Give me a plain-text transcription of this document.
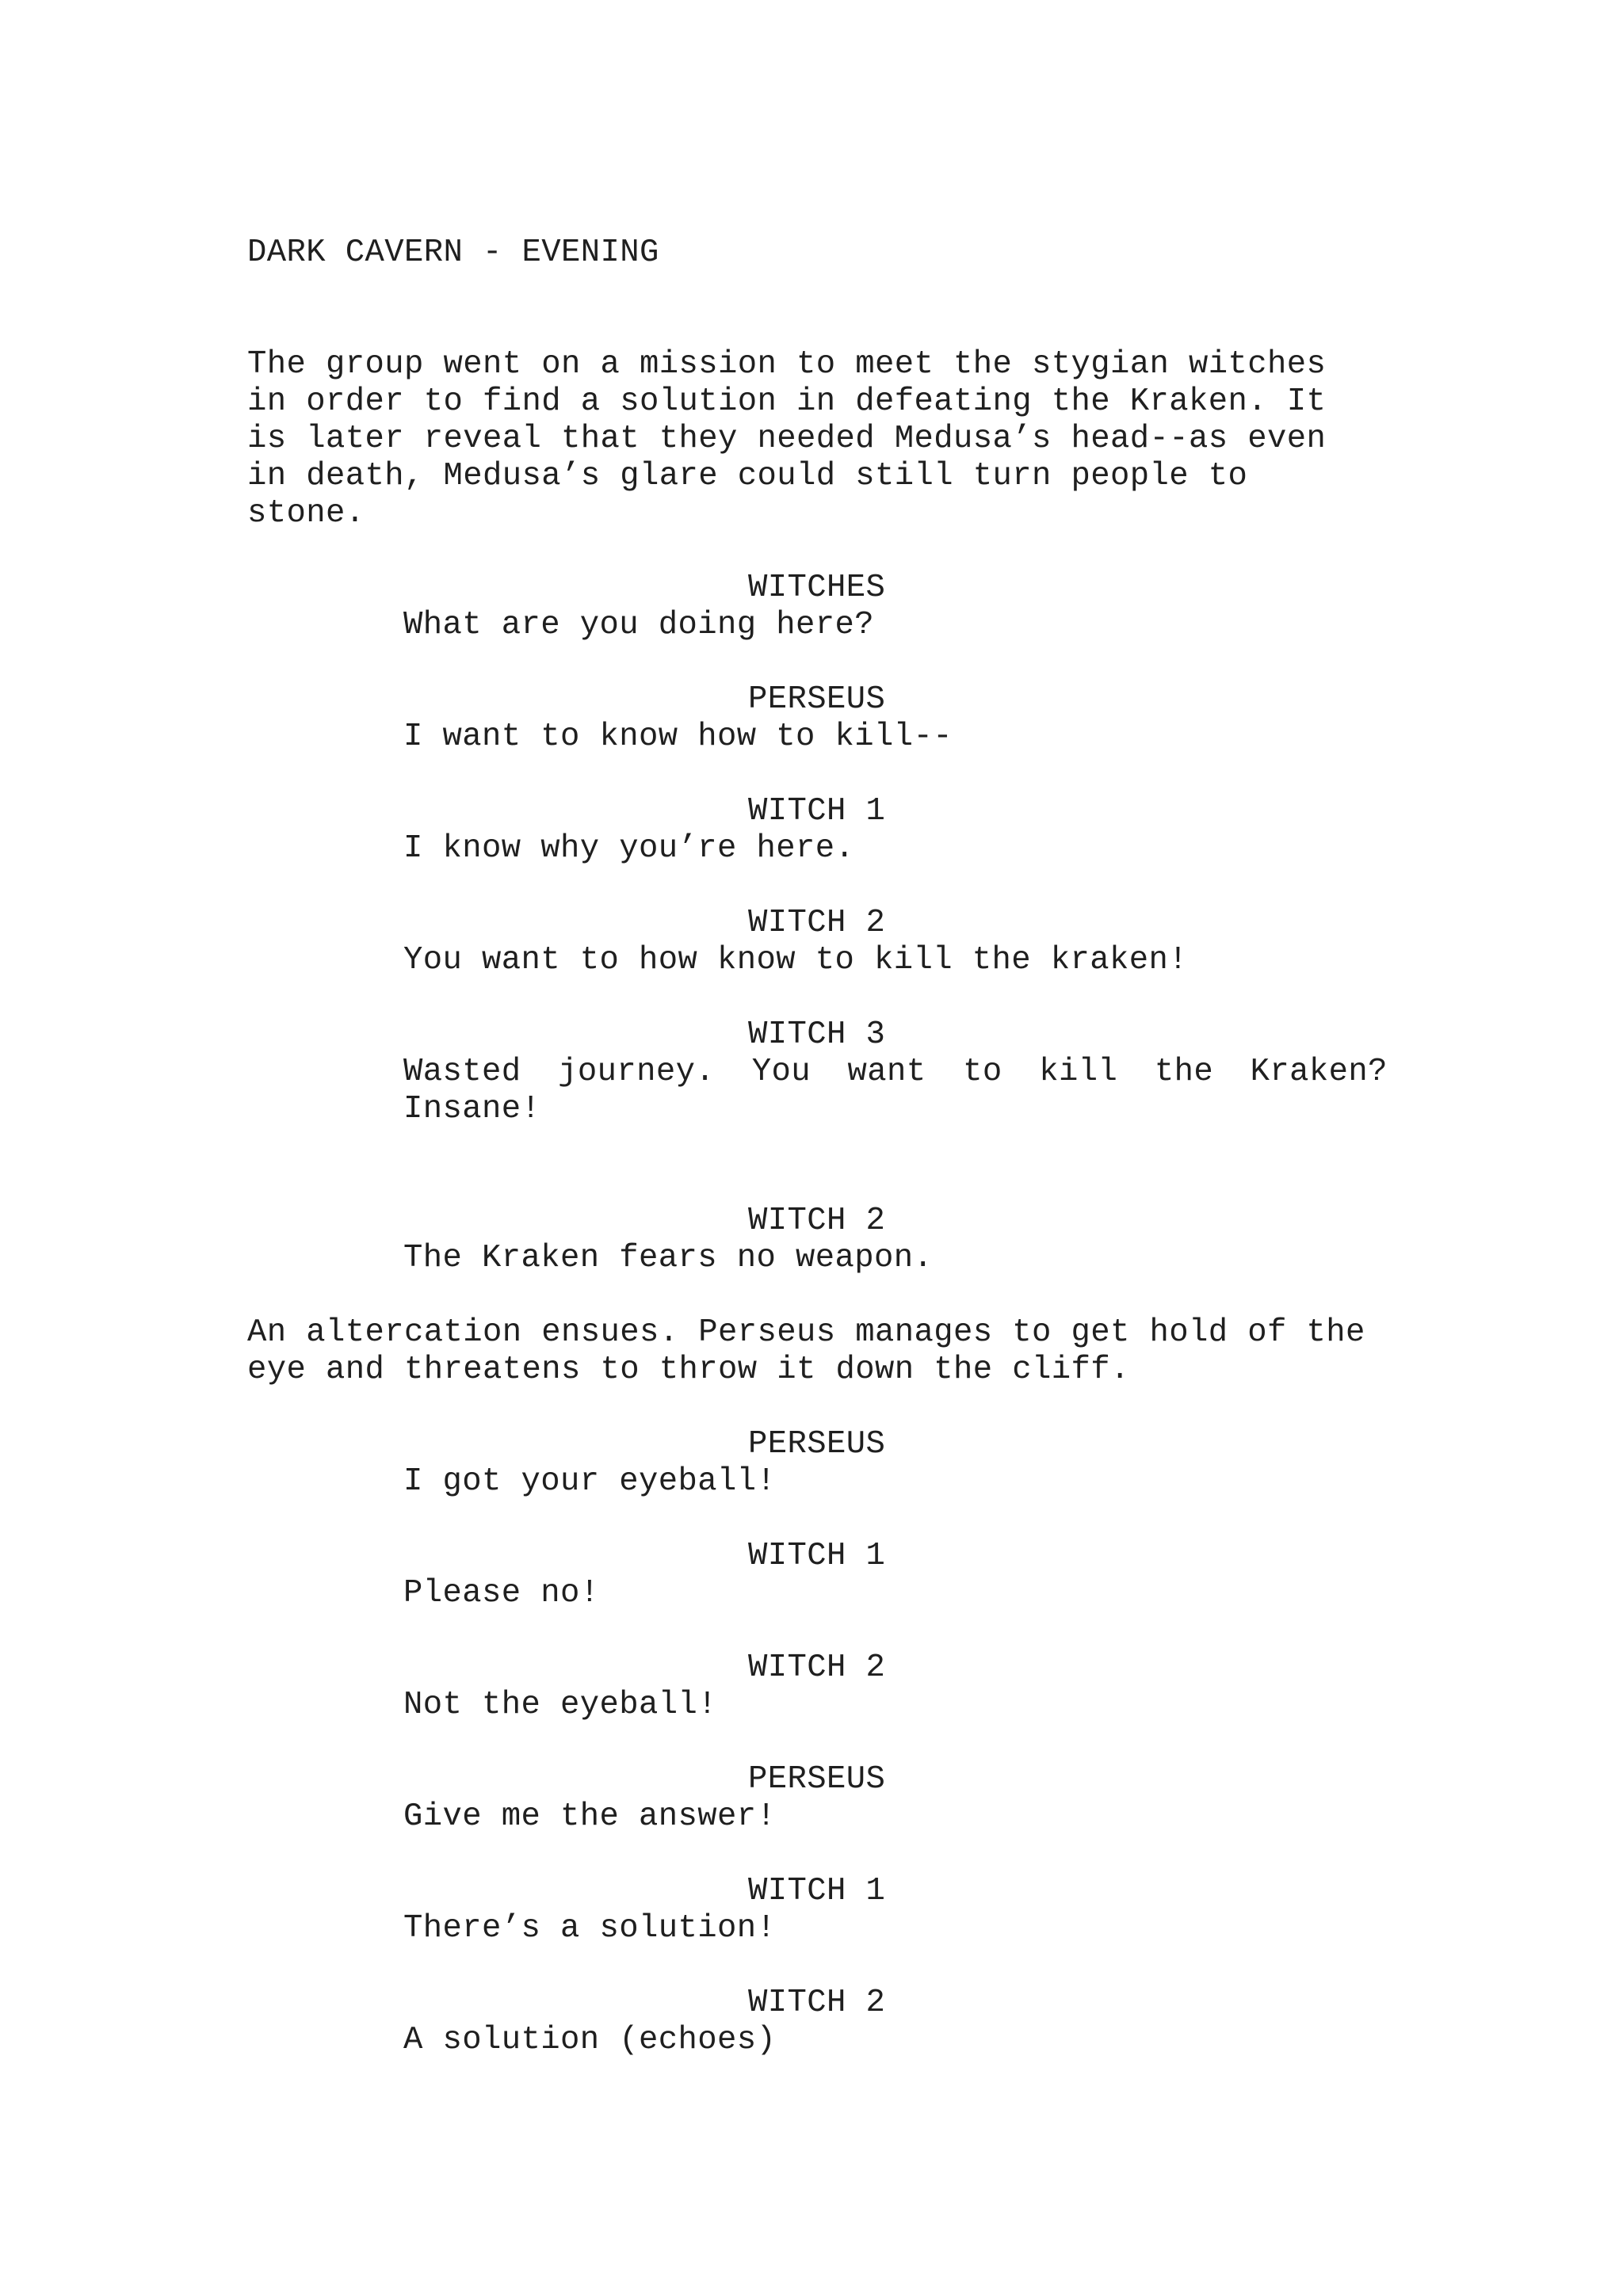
DARK CAVERN - EVENING
The group went on a mission to meet the stygian witches
in order to find a solution in defeating the Kraken. It
is later reveal that they needed Medusa’s head--as even
in death, Medusa’s glare could still turn people to
stone.
WITCHES
What are you doing here?
PERSEUS
I want to know how to kill--
WITCH 1
I know why you’re here.
WITCH 2
You want to how know to kill the kraken!
WITCH 3
Wasted journey. You want to kill the Kraken?
Insane!
WITCH 2
The Kraken fears no weapon.
An altercation ensues. Perseus manages to get hold of the
eye and threatens to throw it down the cliff.
PERSEUS
I got your eyeball!
WITCH 1
Please no!
WITCH 2
Not the eyeball!
PERSEUS
Give me the answer!
WITCH 1
There’s a solution!
WITCH 2
A solution (echoes)
